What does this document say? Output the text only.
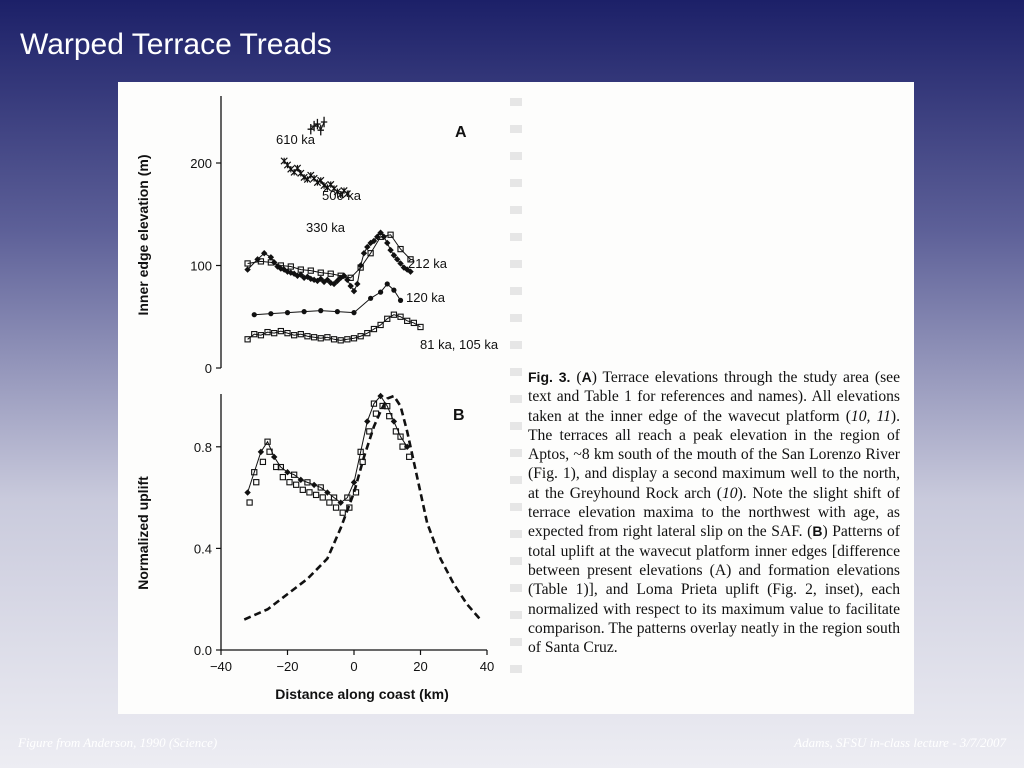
Warped Terrace Treads
0
100
200
Inner edge elevation (m)
610 ka
500 ka
330 ka
212 ka
120 ka
81 ka, 105 ka
A
0.0
0.4
0.8
−40	−20	0	20	40
Distance along coast (km)
Normalized uplift
B
Fig. 3. (A) Terrace elevations through the study area (see text and Table 1 for references and names). All elevations taken at the inner edge of the wavecut platform (10, 11). The terraces all reach a peak elevation in the region of Aptos, ~8 km south of the mouth of the San Lorenzo River (Fig. 1), and display a second maximum well to the north, at the Greyhound Rock arch (10). Note the slight shift of terrace elevation maxima to the northwest with age, as expected from right lateral slip on the SAF. (B) Patterns of total uplift at the wavecut platform inner edges [difference between present elevations (A) and formation elevations (Table 1)], and Loma Prieta uplift (Fig. 2, inset), each normalized with respect to its maximum value to facilitate comparison. The patterns overlay neatly in the region south of Santa Cruz.
Figure from Anderson, 1990 (Science)	Adams, SFSU in-class lecture - 3/7/2007
